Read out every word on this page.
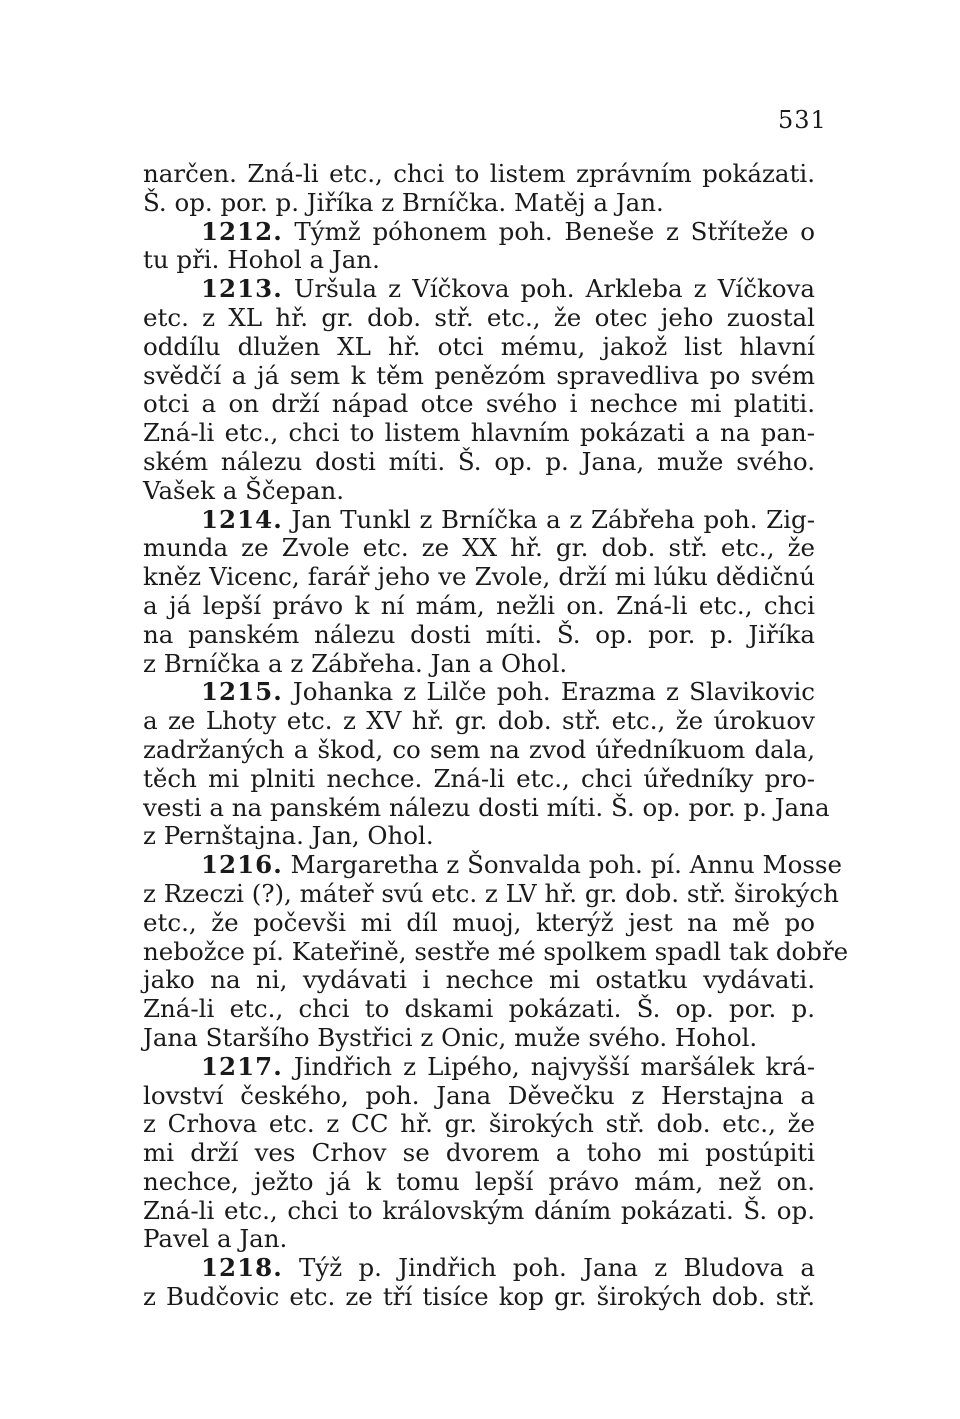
531
narčen. Zná-li etc., chci to listem zprávním pokázati.
Š. op. por. p. Jiříka z Brníčka. Matěj a Jan.
1212. Týmž póhonem poh. Beneše z Stříteže o
tu při. Hohol a Jan.
1213. Uršula z Víčkova poh. Arkleba z Víčkova
etc. z XL hř. gr. dob. stř. etc., že otec jeho zuostal
oddílu dlužen XL hř. otci mému, jakož list hlavní
svědčí a já sem k těm penězóm spravedliva po svém
otci a on drží nápad otce svého i nechce mi platiti.
Zná-li etc., chci to listem hlavním pokázati a na pan-
ském nálezu dosti míti. Š. op. p. Jana, muže svého.
Vašek a Ščepan.
1214. Jan Tunkl z Brníčka a z Zábřeha poh. Zig-
munda ze Zvole etc. ze XX hř. gr. dob. stř. etc., že
kněz Vicenc, farář jeho ve Zvole, drží mi lúku dědičnú
a já lepší právo k ní mám, nežli on. Zná-li etc., chci
na panském nálezu dosti míti. Š. op. por. p. Jiříka
z Brníčka a z Zábřeha. Jan a Ohol.
1215. Johanka z Lilče poh. Erazma z Slavikovic
a ze Lhoty etc. z XV hř. gr. dob. stř. etc., že úrokuov
zadržaných a škod, co sem na zvod úředníkuom dala,
těch mi plniti nechce. Zná-li etc., chci úředníky pro-
vesti a na panském nálezu dosti míti. Š. op. por. p. Jana
z Pernštajna. Jan, Ohol.
1216. Margaretha z Šonvalda poh. pí. Annu Mosse
z Rzeczi (?), máteř svú etc. z LV hř. gr. dob. stř. širokých
etc., že počevši mi díl muoj, kterýž jest na mě po
nebožce pí. Kateřině, sestře mé spolkem spadl tak dobře
jako na ni, vydávati i nechce mi ostatku vydávati.
Zná-li etc., chci to dskami pokázati. Š. op. por. p.
Jana Staršího Bystřici z Onic, muže svého. Hohol.
1217. Jindřich z Lipého, najvyšší maršálek krá-
lovství českého, poh. Jana Děvečku z Herstajna a
z Crhova etc. z CC hř. gr. širokých stř. dob. etc., že
mi drží ves Crhov se dvorem a toho mi postúpiti
nechce, ježto já k tomu lepší právo mám, než on.
Zná-li etc., chci to královským dáním pokázati. Š. op.
Pavel a Jan.
1218. Týž p. Jindřich poh. Jana z Bludova a
z Budčovic etc. ze tří tisíce kop gr. širokých dob. stř.
